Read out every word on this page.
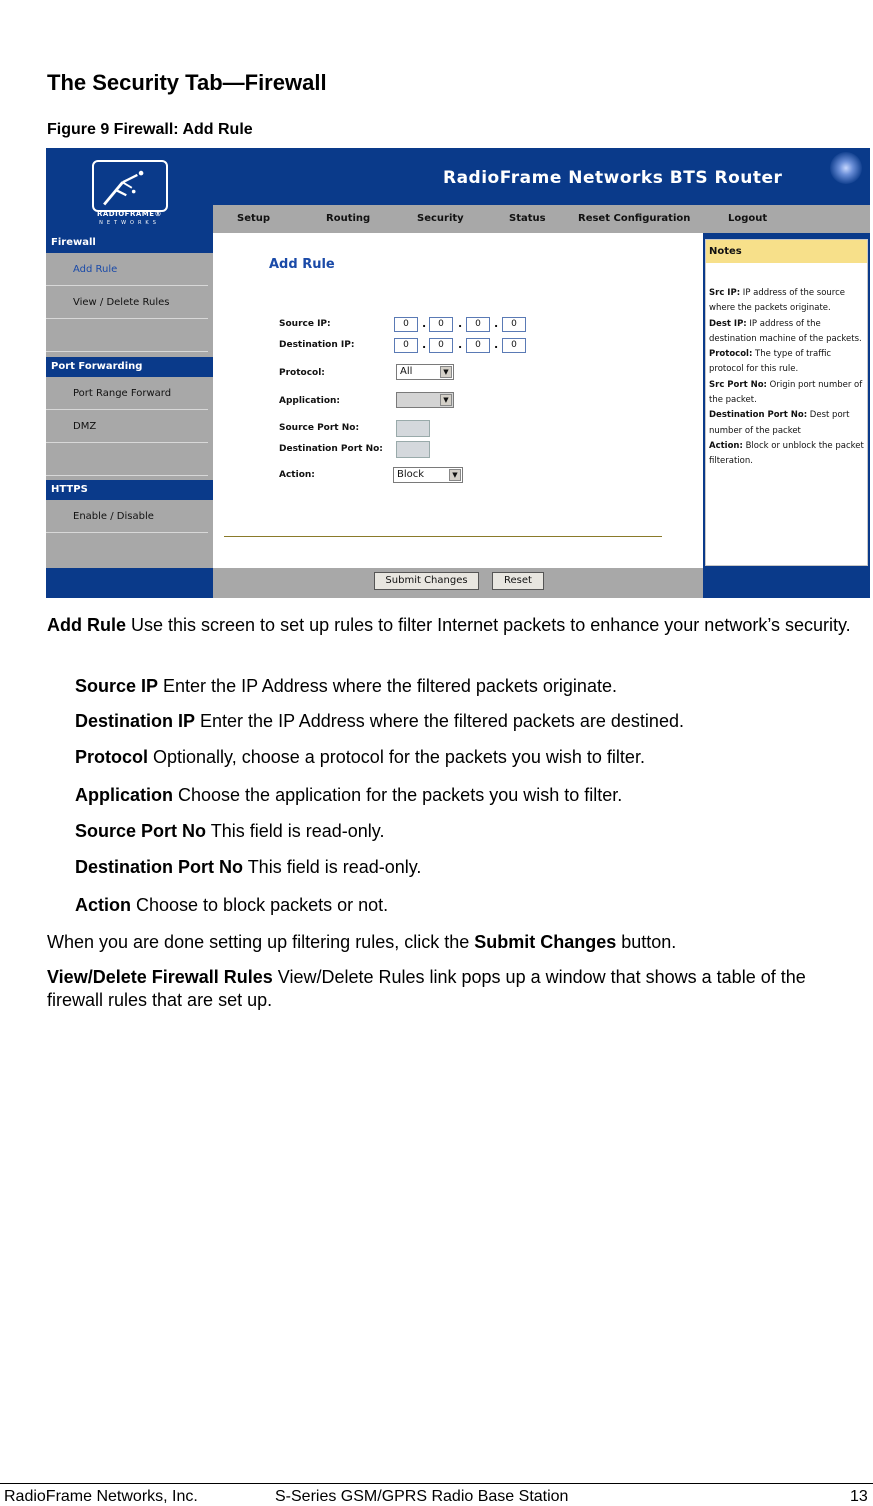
The Security Tab—Firewall
Figure 9 Firewall: Add Rule
RADIOFRAME®
NETWORKS
RadioFrame Networks BTS Router
Setup	Routing	Security	Status	Reset Configuration	Logout
Firewall
Add Rule
View / Delete Rules
Port Forwarding
Port Range Forward
DMZ
HTTPS
Enable / Disable
Add Rule
Source IP:	0	.	0	.	0	.	0
Destination IP:	0	.	0	.	0	.	0
Protocol:	All	▼
Application:	▼
Source Port No:
Destination Port No:
Action:	Block	▼
Notes
Src IP: IP address of the source where the packets originate.
Dest IP: IP address of the destination machine of the packets.
Protocol: The type of traffic protocol for this rule.
Src Port No: Origin port number of the packet.
Destination Port No: Dest port number of the packet
Action: Block or unblock the packet filteration.
Submit Changes	Reset
Add Rule Use this screen to set up rules to filter Internet packets to enhance your network’s security.
Source IP Enter the IP Address where the filtered packets originate.
Destination IP Enter the IP Address where the filtered packets are destined.
Protocol Optionally, choose a protocol for the packets you wish to filter.
Application Choose the application for the packets you wish to filter.
Source Port No This field is read-only.
Destination Port No This field is read-only.
Action Choose to block packets or not.
When you are done setting up filtering rules, click the Submit Changes button.
View/Delete Firewall Rules View/Delete Rules link pops up a window that shows a table of the firewall rules that are set up.
RadioFrame Networks, Inc.	S-Series GSM/GPRS Radio Base Station	13
